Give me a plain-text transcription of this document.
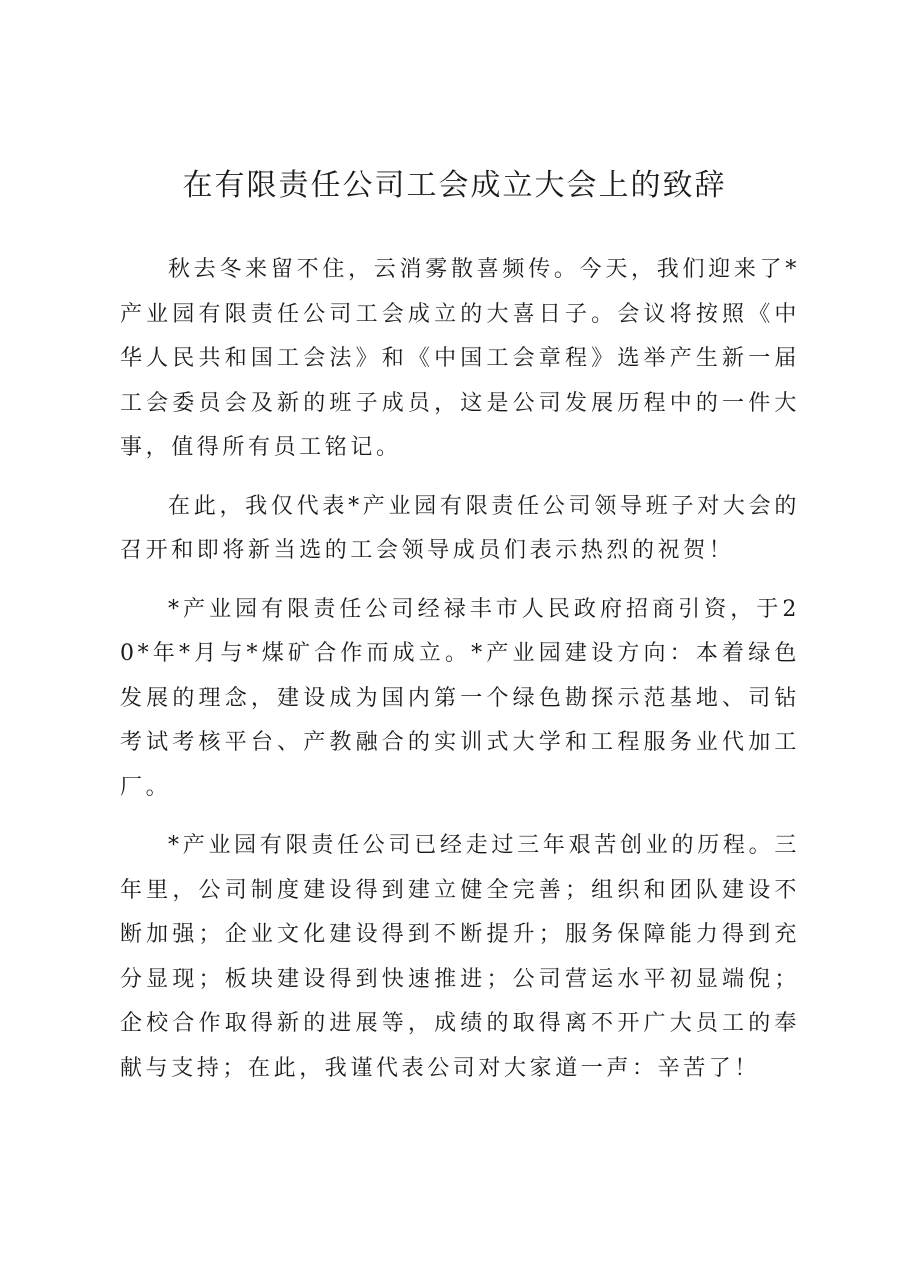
在有限责任公司工会成立大会上的致辞

秋去冬来留不住，云消雾散喜频传。今天，我们迎来了*产业园有限责任公司工会成立的大喜日子。会议将按照《中华人民共和国工会法》和《中国工会章程》选举产生新一届工会委员会及新的班子成员，这是公司发展历程中的一件大事，值得所有员工铭记。

在此，我仅代表*产业园有限责任公司领导班子对大会的召开和即将新当选的工会领导成员们表示热烈的祝贺！

*产业园有限责任公司经禄丰市人民政府招商引资，于20*年*月与*煤矿合作而成立。*产业园建设方向：本着绿色发展的理念，建设成为国内第一个绿色勘探示范基地、司钻考试考核平台、产教融合的实训式大学和工程服务业代加工厂。

*产业园有限责任公司已经走过三年艰苦创业的历程。三年里，公司制度建设得到建立健全完善；组织和团队建设不断加强；企业文化建设得到不断提升；服务保障能力得到充分显现；板块建设得到快速推进；公司营运水平初显端倪；企校合作取得新的进展等，成绩的取得离不开广大员工的奉献与支持；在此，我谨代表公司对大家道一声：辛苦了！
